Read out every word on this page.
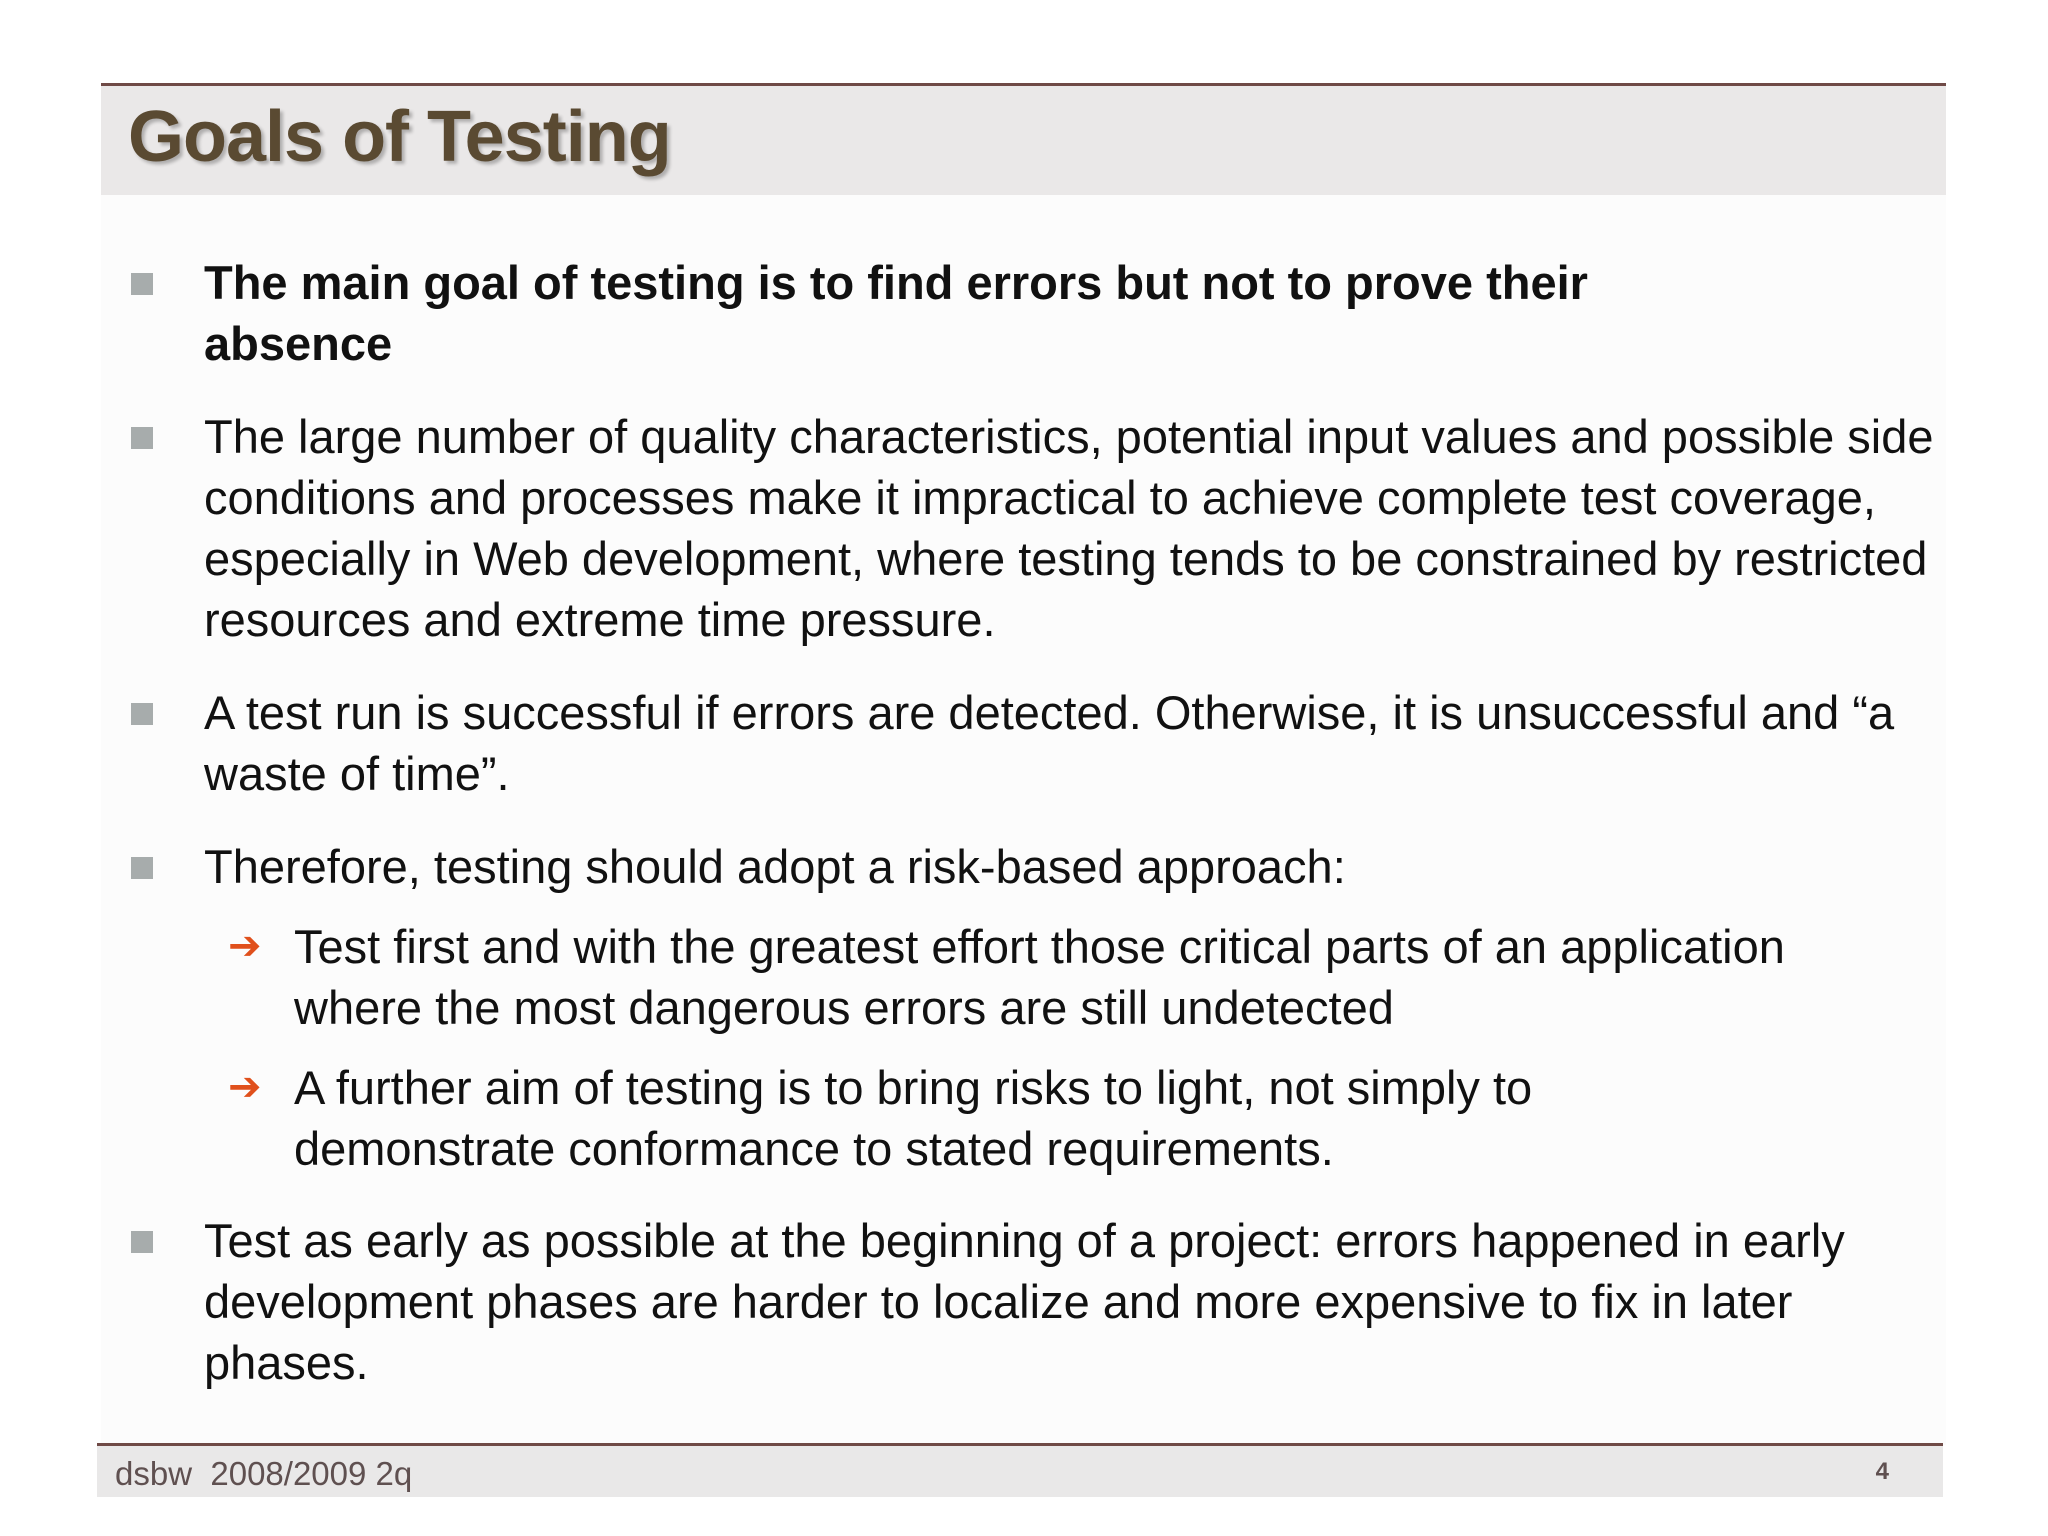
Goals of Testing
The main goal of testing is to find errors but not to prove their absence
The large number of quality characteristics, potential input values and possible side conditions and processes make it impractical to achieve complete test coverage, especially in Web development, where testing tends to be constrained by restricted resources and extreme time pressure.
A test run is successful if errors are detected. Otherwise, it is unsuccessful and “a waste of time”.
Therefore, testing should adopt a risk-based approach:
➔ Test first and with the greatest effort those critical parts of an application where the most dangerous errors are still undetected
➔ A further aim of testing is to bring risks to light, not simply to demonstrate conformance to stated requirements.
Test as early as possible at the beginning of a project: errors happened in early development phases are harder to localize and more expensive to fix in later phases.
dsbw  2008/2009 2q	4
